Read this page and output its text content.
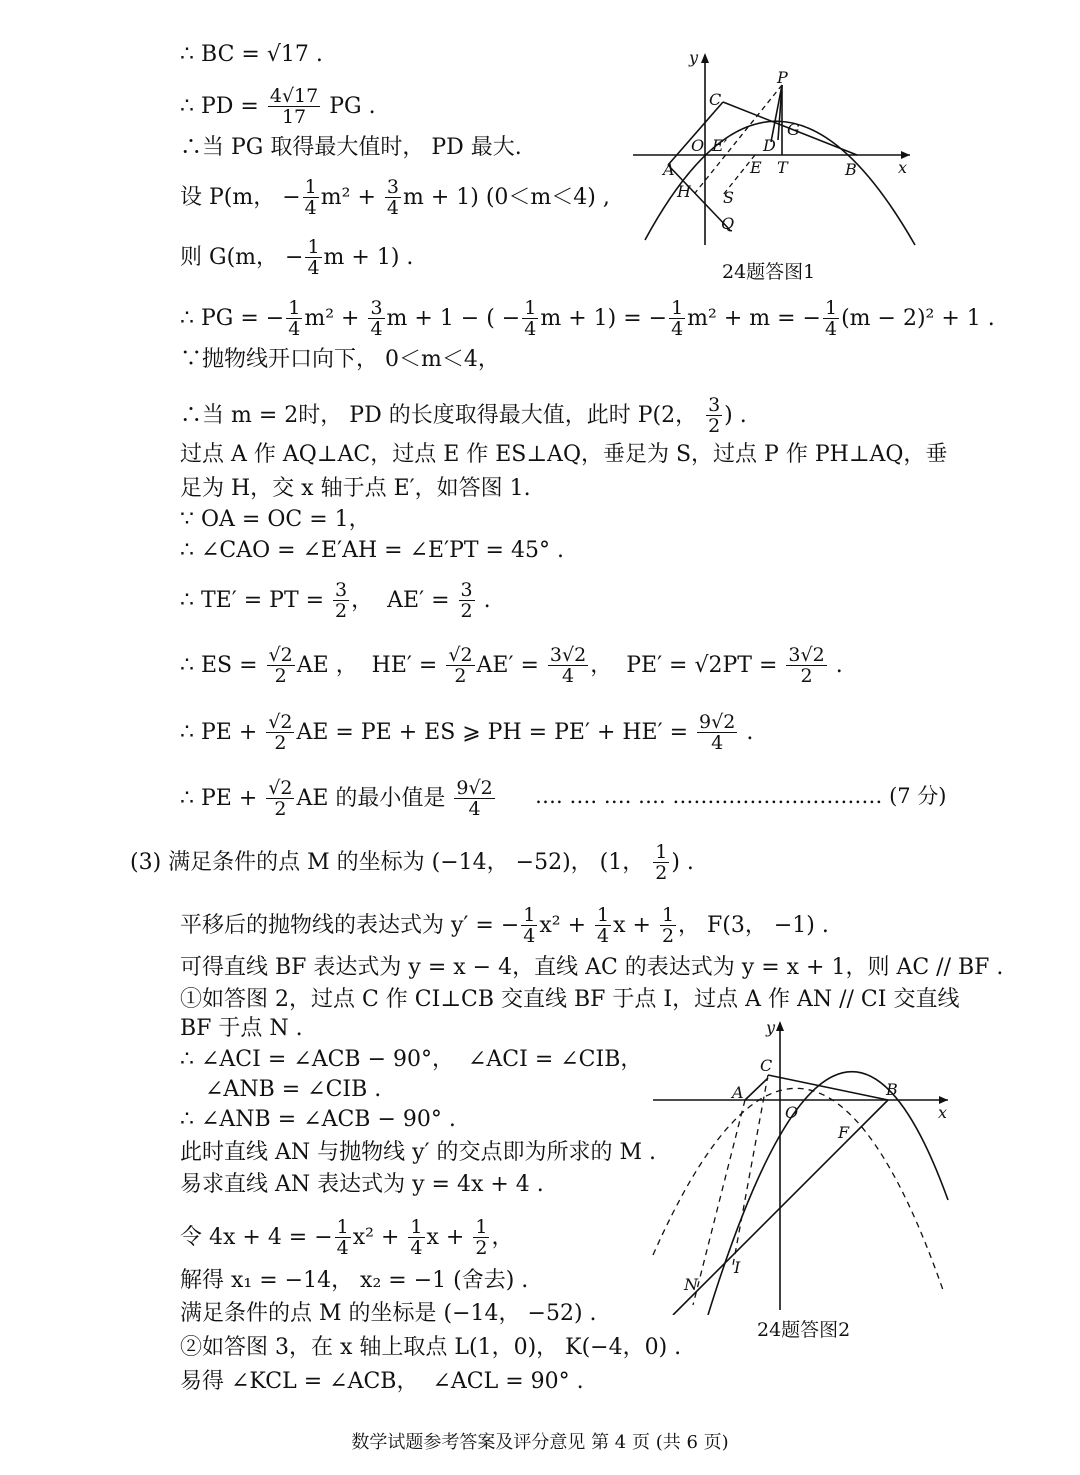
∴ BC = √17 .
∴ PD = $\frac{4√17}{17}$ PG .
∴当 PG 取得最大值时， PD 最大.
设 P(m， − $\frac{1}{4} m^2 + \frac{3}{4}$ m + 1) (0＜m＜4) ,
则 G(m， − $\frac{1}{4}$ m + 1) .
∴ PG = − $\frac{1}{4} m^2 + \frac{3}{4}$ m + 1 − ( − $\frac{1}{4}$ m + 1) = − $\frac{1}{4} m^2 + m$ = − $\frac{1}{4} (m - 2)^2 + 1$ .
∵抛物线开口向下， 0＜m＜4，
∴当 m = 2时， PD 的长度取得最大值，此时 P(2， $\frac{3}{2}$ ) .
过点 A 作 AQ⊥AC，过点 E 作 ES⊥AQ，垂足为 S，过点 P 作 PH⊥AQ，垂
足为 H，交 x 轴于点 E′，如答图 1.
∵ OA = OC = 1，
∴ ∠CAO = ∠E′AH = ∠E′PT = 45° .
∴ TE′ = PT = $\frac{3}{2}$ ，  $AE' = \frac{3}{2}$ .
∴ ES = $\frac{√2}{2}$ AE ，  $HE' = \frac{√2}{2} AE' = \frac{3√2}{4}$ ，  $PE' = √2PT = \frac{3√2}{2}$ .
∴ PE + $\frac{√2}{2}$ AE = PE + ES ⩾ PH = $PE' + HE' = \frac{9√2}{4}$ .
∴ PE + $\frac{√2}{2}$ AE 的最小值是 $\frac{9√2}{4}$
(3) 满足条件的点 M 的坐标为 (−14， −52)， (1， $\frac{1}{2}$ ) .
平移后的抛物线的表达式为 y′ = − $\frac{1}{4} x^2 + \frac{1}{4}$ $x + \frac{1}{2}$ ， F(3， −1) .
可得直线 BF 表达式为 y = x − 4，直线 AC 的表达式为 y = x + 1，则 AC // BF .
①如答图 2，过点 C 作 CI⊥CB 交直线 BF 于点 I，过点 A 作 AN // CI 交直线
BF 于点 N .
∴ ∠ACI = ∠ACB − 90°，  ∠ACI = ∠CIB，
∠ANB = ∠CIB .
∴ ∠ANB = ∠ACB − 90° .
此时直线 AN 与抛物线 y′ 的交点即为所求的 M .
易求直线 AN 表达式为 y = 4x + 4 .
令 4x + 4 = − $\frac{1}{4} x^2 + \frac{1}{4}$ $x + \frac{1}{2}$ ，
解得 x₁ = −14， x₂ = −1 (舍去) .
满足条件的点 M 的坐标是 (−14， −52) .
②如答图 3，在 x 轴上取点 L(1，0)， K(−4，0) .
易得 ∠KCL = ∠ACB，  ∠ACL = 90° .
…. …. …. …. ………………………… (7 分)
y
x
P
C
G
O E′ D
A	E T	B
H S
Q
24题答图1
y
x
C
A
O
B
F
N
I
24题答图2
数学试题参考答案及评分意见 第 4 页 (共 6 页)
